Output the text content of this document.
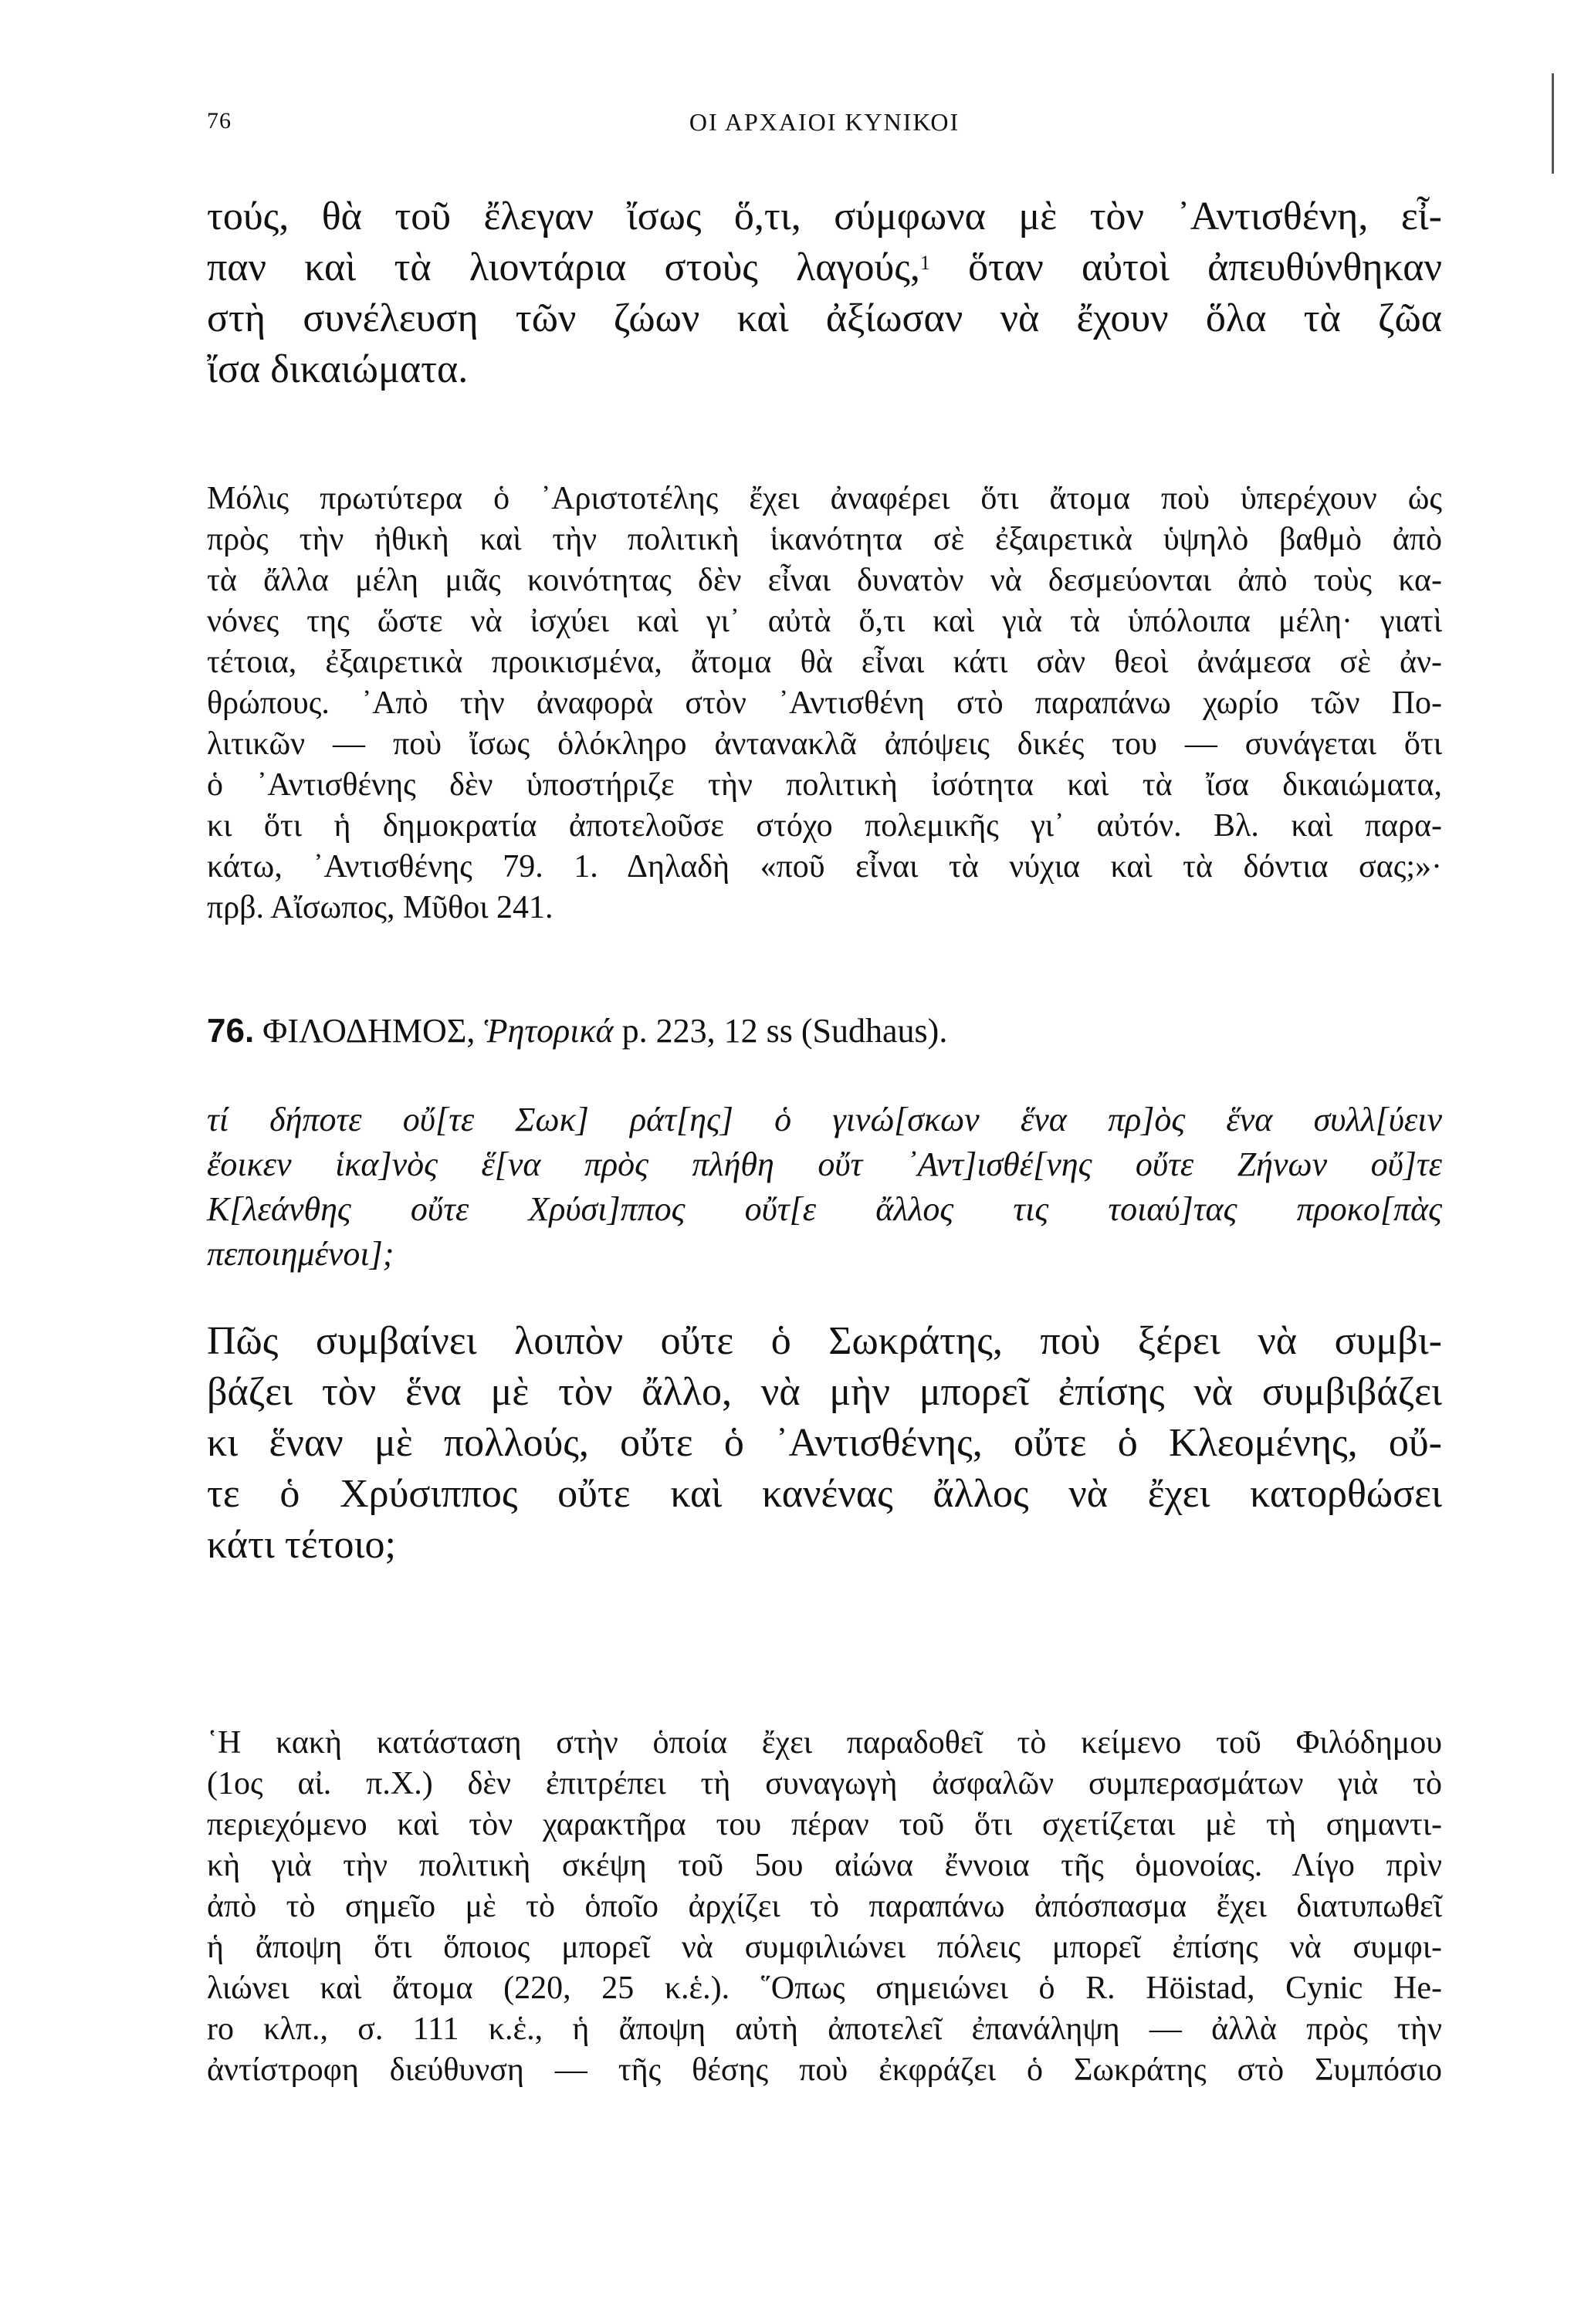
76	ΟΙ ΑΡΧΑΙΟΙ ΚΥΝΙΚΟΙ
τούς, θὰ τοῦ ἔλεγαν ἴσως ὅ,τι, σύμφωνα μὲ τὸν ᾿Αντισθένη, εἶ-
παν καὶ τὰ λιοντάρια στοὺς λαγούς,$^1$ ὅταν αὐτοὶ ἀπευθύνθηκαν
στὴ συνέλευση τῶν ζώων καὶ ἀξίωσαν νὰ ἔχουν ὅλα τὰ ζῶα
ἴσα δικαιώματα.
Μόλις πρωτύτερα ὁ ᾿Αριστοτέλης ἔχει ἀναφέρει ὅτι ἄτομα ποὺ ὑπερέχουν ὡς
πρὸς τὴν ἠθικὴ καὶ τὴν πολιτικὴ ἱκανότητα σὲ ἐξαιρετικὰ ὑψηλὸ βαθμὸ ἀπὸ
τὰ ἄλλα μέλη μιᾶς κοινότητας δὲν εἶναι δυνατὸν νὰ δεσμεύονται ἀπὸ τοὺς κα-
νόνες της ὥστε νὰ ἰσχύει καὶ γι᾿ αὐτὰ ὅ,τι καὶ γιὰ τὰ ὑπόλοιπα μέλη· γιατὶ
τέτοια, ἐξαιρετικὰ προικισμένα, ἄτομα θὰ εἶναι κάτι σὰν θεοὶ ἀνάμεσα σὲ ἀν-
θρώπους. ᾿Απὸ τὴν ἀναφορὰ στὸν ᾿Αντισθένη στὸ παραπάνω χωρίο τῶν Πο-
λιτικῶν — ποὺ ἴσως ὁλόκληρο ἀντανακλᾶ ἀπόψεις δικές του — συνάγεται ὅτι
ὁ ᾿Αντισθένης δὲν ὑποστήριζε τὴν πολιτικὴ ἰσότητα καὶ τὰ ἴσα δικαιώματα,
κι ὅτι ἡ δημοκρατία ἀποτελοῦσε στόχο πολεμικῆς γι᾿ αὐτόν. Βλ. καὶ παρα-
κάτω, ᾿Αντισθένης 79. 1. Δηλαδὴ «ποῦ εἶναι τὰ νύχια καὶ τὰ δόντια σας;»·
πρβ. Αἴσωπος, Μῦθοι 241.
76. ΦΙΛΟΔΗΜΟΣ, Ῥητορικά p. 223, 12 ss (Sudhaus).
τί δήποτε οὔ[τε Σωκ] ράτ[ης] ὁ γινώ[σκων ἕνα πρ]ὸς ἕνα συλλ[ύειν
ἔοικεν ἱκα]νὸς ἕ[να πρὸς πλήθη οὔτ ᾿Αντ]ισθέ[νης οὔτε Ζήνων οὔ]τε
Κ[λεάνθης οὔτε Χρύσι]ππος οὔτ[ε ἄλλος τις τοιαύ]τας προκο[πὰς
πεποιημένοι];
Πῶς συμβαίνει λοιπὸν οὔτε ὁ Σωκράτης, ποὺ ξέρει νὰ συμβι-
βάζει τὸν ἕνα μὲ τὸν ἄλλο, νὰ μὴν μπορεῖ ἐπίσης νὰ συμβιβάζει
κι ἕναν μὲ πολλούς, οὔτε ὁ ᾿Αντισθένης, οὔτε ὁ Κλεομένης, οὔ-
τε ὁ Χρύσιππος οὔτε καὶ κανένας ἄλλος νὰ ἔχει κατορθώσει
κάτι τέτοιο;
῾Η κακὴ κατάσταση στὴν ὁποία ἔχει παραδοθεῖ τὸ κείμενο τοῦ Φιλόδημου
(1ος αἰ. π.Χ.) δὲν ἐπιτρέπει τὴ συναγωγὴ ἀσφαλῶν συμπερασμάτων γιὰ τὸ
περιεχόμενο καὶ τὸν χαρακτῆρα του πέραν τοῦ ὅτι σχετίζεται μὲ τὴ σημαντι-
κὴ γιὰ τὴν πολιτικὴ σκέψη τοῦ 5ου αἰώνα ἔννοια τῆς ὁμονοίας. Λίγο πρὶν
ἀπὸ τὸ σημεῖο μὲ τὸ ὁποῖο ἀρχίζει τὸ παραπάνω ἀπόσπασμα ἔχει διατυπωθεῖ
ἡ ἄποψη ὅτι ὅποιος μπορεῖ νὰ συμφιλιώνει πόλεις μπορεῖ ἐπίσης νὰ συμφι-
λιώνει καὶ ἄτομα (220, 25 κ.ἑ.). ῞Οπως σημειώνει ὁ R. Höistad, Cynic He-
ro κλπ., σ. 111 κ.ἑ., ἡ ἄποψη αὐτὴ ἀποτελεῖ ἐπανάληψη — ἀλλὰ πρὸς τὴν
ἀντίστροφη διεύθυνση — τῆς θέσης ποὺ ἐκφράζει ὁ Σωκράτης στὸ Συμπόσιο
